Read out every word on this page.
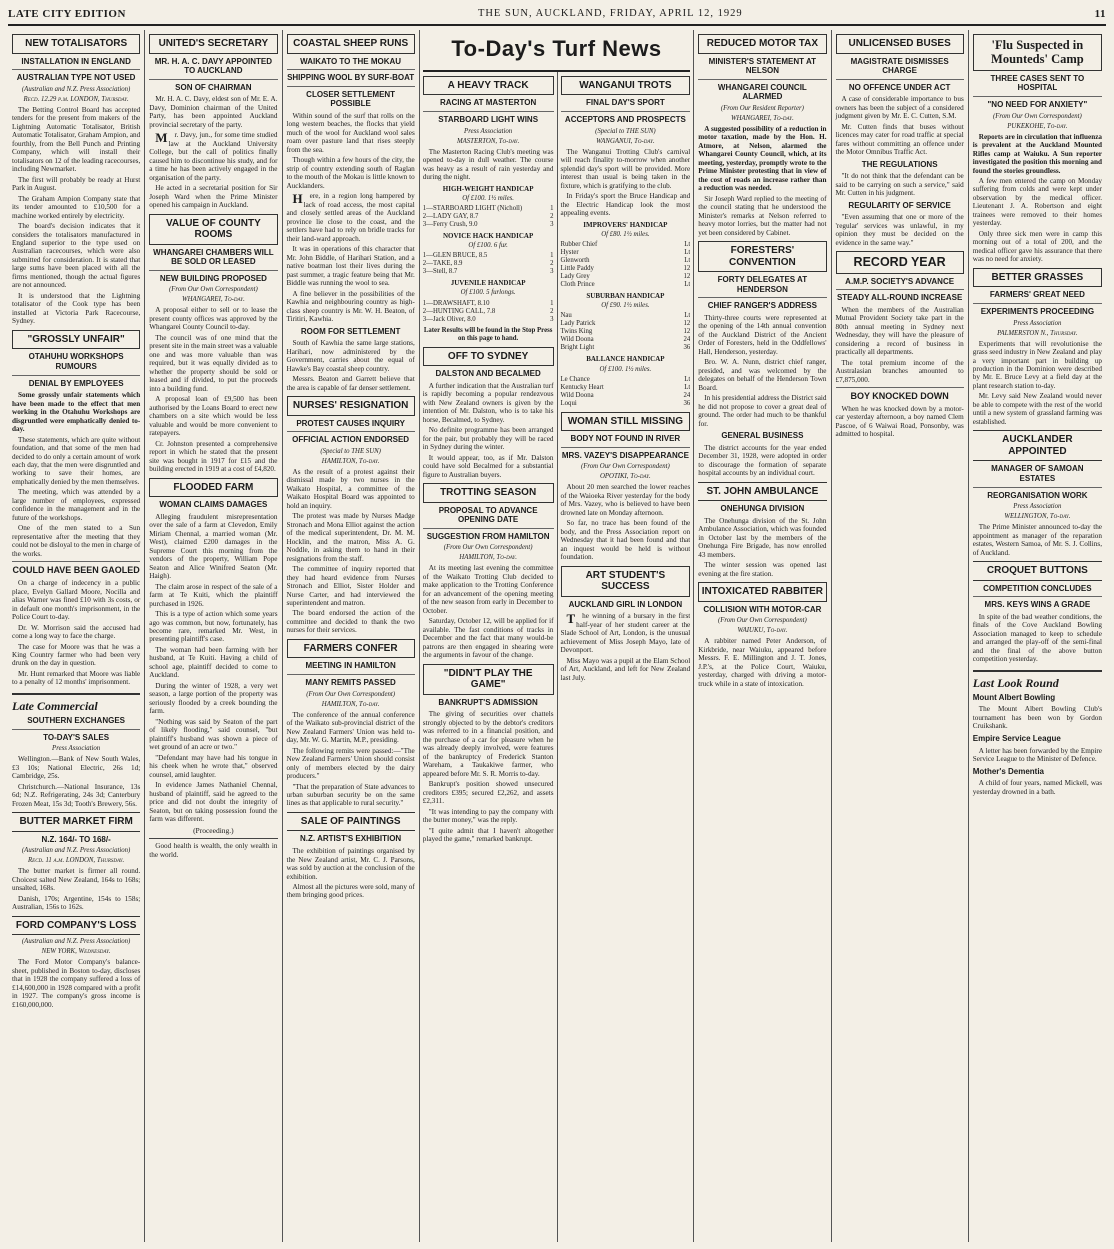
LATE CITY EDITION	THE SUN, AUCKLAND, FRIDAY, APRIL 12, 1929	11
NEW TOTALISATORS
INSTALLATION IN ENGLAND
AUSTRALIAN TYPE NOT USED
(Australian and N.Z. Press Association)
Recd. 12.29 p.m. LONDON, Thursday.

The Betting Control Board has accepted tenders for the present from makers of the Lightning Automatic Totalisator, British Automatic Totalisator, Graham Ampion, and fourthly, from the Bell Punch and Printing Company, which will install their totalisators on 12 of the leading racecourses, including Newmarket.

The first will probably be ready at Hurst Park in August.

The Graham Ampion Company state that its tender amounted to £10,500 for a machine worked entirely by electricity.

The board's decision indicates that it considers the totalisators manufactured in England superior to the type used on Australian racecourses, which were also submitted for consideration. It is stated that large sums have been placed with all the firms mentioned, though the actual figures are not announced.

It is understood that the Lightning totalisator of the Cook type has been installed at Victoria Park Racecourse, Sydney.

"GROSSLY UNFAIR"
OTAHUHU WORKSHOPS RUMOURS
DENIAL BY EMPLOYEES

Some grossly unfair statements which have been made to the effect that men working in the Otahuhu Workshops are disgruntled were emphatically denied to-day.

These statements, which are quite without foundation, and that some of the men had decided to do only a certain amount of work each day, that the men were disgruntled and working to save their homes, are emphatically denied by the men themselves.

The meeting, which was attended by a large number of employees, expressed confidence in the management and in the future of the workshops.

One of the men stated to a Sun representative after the meeting that they could not be disloyal to the men in charge of the works.

COULD HAVE BEEN GAOLED

On a charge of indecency in a public place, Evelyn Gallard Moore, Nocilla and alias Warner was fined £10 with 3s costs, or in default one month's imprisonment, in the Police Court to-day.

Dr. W. Morrison said the accused had come a long way to face the charge.

The case for Moore was that he was a King Country farmer who had been very drunk on the day in question.

Mr. Hunt remarked that Moore was liable to a penalty of 12 months' imprisonment.

Late Commercial
SOUTHERN EXCHANGES
TO-DAY'S SALES
Press Association

Wellington.—Bank of New South Wales, £3 10s; National Electric, 26s 1d; Cambridge, 25s.

Christchurch.—National Insurance, 13s 6d; N.Z. Refrigerating, 24s 3d; Canterbury Frozen Meat, 15s 3d; Tooth's Brewery, 56s.

BUTTER MARKET FIRM
N.Z. 164/- TO 168/-
(Australian and N.Z. Press Association)
Recd. 11 a.m. LONDON, Thursday.

The butter market is firmer all round. Choicest salted New Zealand, 164s to 168s; unsalted, 168s.

Danish, 170s; Argentine, 154s to 158s; Australian, 156s to 162s.

FORD COMPANY'S LOSS
(Australian and N.Z. Press Association)
NEW YORK, Wednesday.

The Ford Motor Company's balance-sheet, published in Boston to-day, discloses that in 1928 the company suffered a loss of £14,600,000 in 1928 compared with a profit in 1927. The company's gross income is £160,000,000.

UNITED'S SECRETARY
MR. H. A. C. DAVY APPOINTED TO AUCKLAND
SON OF CHAIRMAN

Mr. H. A. C. Davy, eldest son of Mr. E. A. Davy, Dominion chairman of the United Party, has been appointed Auckland provincial secretary of the party.

Mr. Davy, jun., for some time studied law at the Auckland University College, but the call of politics finally caused him to discontinue his study, and for a time he has been actively engaged in the organisation of the party.

He acted in a secretarial position for Sir Joseph Ward when the Prime Minister opened his campaign in Auckland.

VALUE OF COUNTY ROOMS
WHANGAREI CHAMBERS WILL BE SOLD OR LEASED
NEW BUILDING PROPOSED
(From Our Own Correspondent)
WHANGAREI, To-day.

A proposal either to sell or to lease the present county offices was approved by the Whangarei County Council to-day.

The council was of one mind that the present site in the main street was a valuable one and was more valuable than was required, but it was equally divided as to whether the property should be sold or leased and if divided, to put the proceeds into a building fund.

A proposal loan of £9,500 has been authorised by the Loans Board to erect new chambers on a site which would be less valuable and would be more convenient to ratepayers.

Cr. Johnston presented a comprehensive report in which he stated that the present site was bought in 1917 for £15 and the building erected in 1919 at a cost of £4,820.

FLOODED FARM
WOMAN CLAIMS DAMAGES

Alleging fraudulent misrepresentation over the sale of a farm at Clevedon, Emily Miriam Chennal, a married woman (Mr. West), claimed £200 damages in the Supreme Court this morning from the vendors of the property, William Pope Seaton and Alice Winifred Seaton (Mr. Haigh).

The claim arose in respect of the sale of a farm at Te Kuiti, which the plaintiff purchased in 1926.

This is a type of action which some years ago was common, but now, fortunately, has become rare, remarked Mr. West, in presenting plaintiff's case.

The woman had been farming with her husband, at Te Kuiti. Having a child of school age, plaintiff decided to come to Auckland.

During the winter of 1928, a very wet season, a large portion of the property was seriously flooded by a creek bounding the farm.

"Nothing was said by Seaton of the part of likely flooding," said counsel, "but plaintiff's husband was shown a piece of wet ground of an acre or two."

"Defendant may have had his tongue in his cheek when he wrote that," observed counsel, amid laughter.

In evidence James Nathaniel Chennal, husband of plaintiff, said he agreed to the price and did not doubt the integrity of Seaton, but on taking possession found the farm was different.

(Proceeding.)

Good health is wealth, the only wealth in the world.

COASTAL SHEEP RUNS
WAIKATO TO THE MOKAU
SHIPPING WOOL BY SURF-BOAT
CLOSER SETTLEMENT POSSIBLE

Within sound of the surf that rolls on the long western beaches, the flocks that yield much of the wool for Auckland wool sales roam over pasture land that rises steeply from the sea.

Though within a few hours of the city, the strip of country extending south of Raglan to the mouth of the Mokau is little known to Aucklanders.

Here, in a region long hampered by lack of road access, the most capital and closely settled areas of the Auckland province lie close to the coast, and the settlers have had to rely on bridle tracks for their land-ward approach.

It was in operations of this character that Mr. John Biddle, of Harihari Station, and a native boatman lost their lives during the past summer, a tragic feature being that Mr. Biddle was running the wool to sea.

A fine believer in the possibilities of the Kawhia and neighbouring country as high-class sheep country is Mr. W. H. Beaton, of Tiritiri, Kawhia.

ROOM FOR SETTLEMENT

South of Kawhia the same large stations, Harihari, now administered by the Government, carries about the equal of Hawke's Bay coastal sheep country.

Messrs. Beaton and Garrett believe that the area is capable of far denser settlement.

NURSES' RESIGNATION
PROTEST CAUSES INQUIRY
OFFICIAL ACTION ENDORSED
(Special to THE SUN)
HAMILTON, To-day.

As the result of a protest against their dismissal made by two nurses in the Waikato Hospital, a committee of the Waikato Hospital Board was appointed to hold an inquiry.

The protest was made by Nurses Madge Stronach and Mona Elliot against the action of the medical superintendent, Dr. M. M. Hocklin, and the matron, Miss A. G. Noddle, in asking them to hand in their resignations from the staff.

The committee of inquiry reported that they had heard evidence from Nurses Stronach and Elliot, Sister Holder and Nurse Carter, and had interviewed the superintendent and matron.

The board endorsed the action of the committee and decided to thank the two nurses for their services.

FARMERS CONFER
MEETING IN HAMILTON
MANY REMITS PASSED
(From Our Own Correspondent)
HAMILTON, To-day.

The conference of the annual conference of the Waikato sub-provincial district of the New Zealand Farmers' Union was held to-day, Mr. W. G. Martin, M.P., presiding.

The following remits were passed:—"The New Zealand Farmers' Union should consist only of members elected by the dairy producers."

"That the preparation of State advances to urban suburban security be on the same lines as that applicable to rural security."

SALE OF PAINTINGS
N.Z. ARTIST'S EXHIBITION

The exhibition of paintings organised by the New Zealand artist, Mr. C. J. Parsons, was sold by auction at the conclusion of the exhibition.

Almost all the pictures were sold, many of them bringing good prices.

To-Day's Turf News
A HEAVY TRACK
RACING AT MASTERTON
STARBOARD LIGHT WINS
Press Association
MASTERTON, To-day.

The Masterton Racing Club's meeting was opened to-day in dull weather. The course was heavy as a result of rain yesterday and during the night.

HIGH-WEIGHT HANDICAP
Of £100. 1½ miles.
1—STARBOARD LIGHT (Nicholl)	1
2—LADY GAY, 8.7	2
3—Ferry Crush, 9.0	3
NOVICE HACK HANDICAP
Of £100. 6 fur.
1—GLEN BRUCE, 8.5	1
2—TAKE, 8.9	2
3—Stell, 8.7	3
JUVENILE HANDICAP
Of £100. 5 furlongs.
1—DRAWSHAFT, 8.10	1
2—HUNTING CALL, 7.8	2
3—Jack Oliver, 8.0	3
Later Results will be found in the Stop Press on this page to hand.
OFF TO SYDNEY
DALSTON AND BECALMED

A further indication that the Australian turf is rapidly becoming a popular rendezvous with New Zealand owners is given by the intention of Mr. Dalston, who is to take his horse, Becalmed, to Sydney.

No definite programme has been arranged for the pair, but probably they will be raced in Sydney during the winter.

It would appear, too, as if Mr. Dalston could have sold Becalmed for a substantial figure to Australian buyers.

TROTTING SEASON
PROPOSAL TO ADVANCE OPENING DATE
SUGGESTION FROM HAMILTON
(From Our Own Correspondent)
HAMILTON, To-day.

At its meeting last evening the committee of the Waikato Trotting Club decided to make application to the Trotting Conference for an advancement of the opening meeting of the new season from early in December to October.

Saturday, October 12, will be applied for if available. The fast conditions of tracks in December and the fact that many would-be patrons are then engaged in shearing were the arguments in favour of the change.

"DIDN'T PLAY THE GAME"
BANKRUPT'S ADMISSION

The giving of securities over chattels strongly objected to by the debtor's creditors was referred to in a financial position, and the purchase of a car for pleasure when he was already deeply involved, were features of the bankruptcy of Frederick Stanton Wareham, a Taukakiwe farmer, who appeared before Mr. S. R. Morris to-day.

Bankrupt's position showed unsecured creditors £395; secured £2,262, and assets £2,311.

"It was intending to pay the company with the butter money," was the reply.

"I quite admit that I haven't altogether played the game," remarked bankrupt.

WANGANUI TROTS
FINAL DAY'S SPORT
ACCEPTORS AND PROSPECTS
(Special to THE SUN)
WANGANUI, To-day.

The Wanganui Trotting Club's carnival will reach finality to-morrow when another splendid day's sport will be provided. More interest than usual is being taken in the fixture, which is gratifying to the club.

In Friday's sport the Bruce Handicap and the Electric Handicap look the most appealing events.

IMPROVERS' HANDICAP
Of £80. 1½ miles.
Rubber Chief	Lt
Hyster	Lt
Glenworth	Lt
Little Paddy	12
Lady Grey	12
Cloth Prince	Lt
SUBURBAN HANDICAP
Of £90. 1½ miles.
Nau	Lt
Lady Patrick	12
Twins King	12
Wild Doona	24
Bright Light	36
BALLANCE HANDICAP
Of £100. 1½ miles.
Le Chance	Lt
Kentucky Heart	Lt
Wild Doona	24
Loqui	36
WOMAN STILL MISSING
BODY NOT FOUND IN RIVER
MRS. VAZEY'S DISAPPEARANCE
(From Our Own Correspondent)
OPOTIKI, To-day.

About 20 men searched the lower reaches of the Waioeka River yesterday for the body of Mrs. Vazey, who is believed to have been drowned late on Monday afternoon.

So far, no trace has been found of the body, and the Press Association report on Wednesday that it had been found and that an inquest would be held is without foundation.

ART STUDENT'S SUCCESS
AUCKLAND GIRL IN LONDON

The winning of a bursary in the first half-year of her student career at the Slade School of Art, London, is the unusual achievement of Miss Joseph Mayo, late of Devonport.

Miss Mayo was a pupil at the Elam School of Art, Auckland, and left for New Zealand last July.

REDUCED MOTOR TAX
MINISTER'S STATEMENT AT NELSON
WHANGAREI COUNCIL ALARMED
(From Our Resident Reporter)
WHANGAREI, To-day.

A suggested possibility of a reduction in motor taxation, made by the Hon. H. Atmore, at Nelson, alarmed the Whangarei County Council, which, at its meeting, yesterday, promptly wrote to the Prime Minister protesting that in view of the cost of roads an increase rather than a reduction was needed.

Sir Joseph Ward replied to the meeting of the council stating that he understood the Minister's remarks at Nelson referred to heavy motor lorries, but the matter had not yet been considered by Cabinet.

FORESTERS' CONVENTION
FORTY DELEGATES AT HENDERSON
CHIEF RANGER'S ADDRESS

Thirty-three courts were represented at the opening of the 14th annual convention of the Auckland District of the Ancient Order of Foresters, held in the Oddfellows' Hall, Henderson, yesterday.

Bro. W. A. Nunn, district chief ranger, presided, and was welcomed by the delegates on behalf of the Henderson Town Board.

In his presidential address the District said he did not propose to cover a great deal of ground. The order had much to be thankful for.

GENERAL BUSINESS

The district accounts for the year ended December 31, 1928, were adopted in order to discourage the formation of separate hospital accounts by an individual court.

ST. JOHN AMBULANCE
ONEHUNGA DIVISION

The Onehunga division of the St. John Ambulance Association, which was founded in October last by the members of the Onehunga Fire Brigade, has now enrolled 43 members.

The winter session was opened last evening at the fire station.

INTOXICATED RABBITER
COLLISION WITH MOTOR-CAR
(From Our Own Correspondent)
WAIUKU, To-day.

A rabbiter named Peter Anderson, of Kirkbride, near Waiuku, appeared before Messrs. F. E. Millington and J. T. Jones, J.P.'s, at the Police Court, Waiuku, yesterday, charged with driving a motor-truck while in a state of intoxication.

UNLICENSED BUSES
MAGISTRATE DISMISSES CHARGE
NO OFFENCE UNDER ACT

A case of considerable importance to bus owners has been the subject of a considered judgment given by Mr. E. C. Cutten, S.M.

Mr. Cutten finds that buses without licences may cater for road traffic at special fares without committing an offence under the Motor Omnibus Traffic Act.

THE REGULATIONS

"It do not think that the defendant can be said to be carrying on such a service," said Mr. Cutten in his judgment.

REGULARITY OF SERVICE

"Even assuming that one or more of the 'regular' services was unlawful, in my opinion they must be decided on the evidence in the same way."

RECORD YEAR
A.M.P. SOCIETY'S ADVANCE
STEADY ALL-ROUND INCREASE

When the members of the Australian Mutual Provident Society take part in the 80th annual meeting in Sydney next Wednesday, they will have the pleasure of considering a record of business in practically all departments.

The total premium income of the Australasian branches amounted to £7,875,000.

BOY KNOCKED DOWN

When he was knocked down by a motor-car yesterday afternoon, a boy named Clem Pascoe, of 6 Waiwai Road, Ponsonby, was admitted to hospital.

'Flu Suspected in Mounteds' Camp
THREE CASES SENT TO HOSPITAL
"NO NEED FOR ANXIETY"
(From Our Own Correspondent)
PUKEKOHE, To-day.

Reports are in circulation that influenza is prevalent at the Auckland Mounted Rifles camp at Waiuku. A Sun reporter investigated the position this morning and found the stories groundless.

A few men entered the camp on Monday suffering from colds and were kept under observation by the medical officer. Lieutenant J. A. Robertson and eight trainees were removed to their homes yesterday.

Only three sick men were in camp this morning out of a total of 200, and the medical officer gave his assurance that there was no need for anxiety.

BETTER GRASSES
FARMERS' GREAT NEED
EXPERIMENTS PROCEEDING
Press Association
PALMERSTON N., Thursday.

Experiments that will revolutionise the grass seed industry in New Zealand and play a very important part in building up production in the Dominion were described by Mr. E. Bruce Levy at a field day at the plant research station to-day.

Mr. Levy said New Zealand would never be able to compete with the rest of the world until a new system of grassland farming was established.

AUCKLANDER APPOINTED
MANAGER OF SAMOAN ESTATES
REORGANISATION WORK
Press Association
WELLINGTON, To-day.

The Prime Minister announced to-day the appointment as manager of the reparation estates, Western Samoa, of Mr. S. J. Collins, of Auckland.

CROQUET BUTTONS
COMPETITION CONCLUDES
MRS. KEYS WINS A GRADE

In spite of the bad weather conditions, the finals of the Cove Auckland Bowling Association managed to keep to schedule and arranged the play-off of the semi-final and the final of the above button competition yesterday.

Last Look Round
Mount Albert Bowling

The Mount Albert Bowling Club's tournament has been won by Gordon Cruikshank.

Empire Service League

A letter has been forwarded by the Empire Service League to the Minister of Defence.

Mother's Dementia

A child of four years, named Mickell, was yesterday drowned in a bath.
